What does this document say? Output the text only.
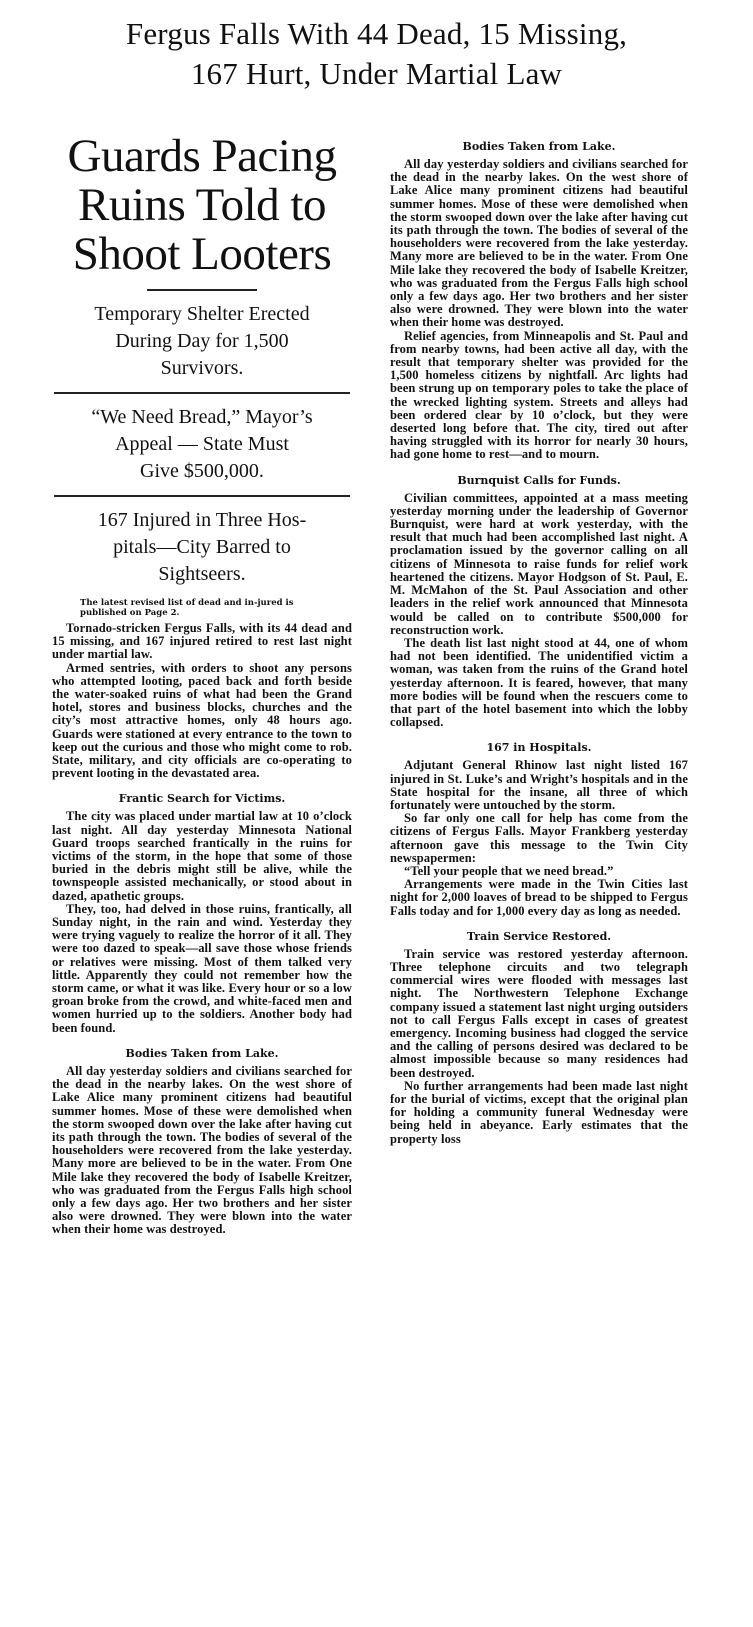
Fergus Falls With 44 Dead, 15 Missing,
167 Hurt, Under Martial Law
Guards Pacing
Ruins Told to
Shoot Looters
Temporary Shelter Erected
During Day for 1,500
Survivors.
“We Need Bread,” Mayor’s
Appeal — State Must
Give $500,000.
167 Injured in Three Hos-
pitals—City Barred to
Sightseers.

The latest revised list of dead and in-jured is published on Page 2.

Tornado-stricken Fergus Falls, with its 44 dead and 15 missing, and 167 injured retired to rest last night under martial law.

Armed sentries, with orders to shoot any persons who attempted looting, paced back and forth beside the water-soaked ruins of what had been the Grand hotel, stores and business blocks, churches and the city’s most attractive homes, only 48 hours ago. Guards were stationed at every entrance to the town to keep out the curious and those who might come to rob. State, military, and city officials are co-operating to prevent looting in the devastated area.

Frantic Search for Victims.

The city was placed under martial law at 10 o’clock last night. All day yesterday Minnesota National Guard troops searched frantically in the ruins for victims of the storm, in the hope that some of those buried in the debris might still be alive, while the townspeople assisted mechanically, or stood about in dazed, apathetic groups.

They, too, had delved in those ruins, frantically, all Sunday night, in the rain and wind. Yesterday they were trying vaguely to realize the horror of it all. They were too dazed to speak—all save those whose friends or relatives were missing. Most of them talked very little. Apparently they could not remember how the storm came, or what it was like. Every hour or so a low groan broke from the crowd, and white-faced men and women hurried up to the soldiers. Another body had been found.

Bodies Taken from Lake.

All day yesterday soldiers and civilians searched for the dead in the nearby lakes. On the west shore of Lake Alice many prominent citizens had beautiful summer homes. Mose of these were demolished when the storm swooped down over the lake after having cut its path through the town. The bodies of several of the householders were recovered from the lake yesterday. Many more are believed to be in the water. From One Mile lake they recovered the body of Isabelle Kreitzer, who was graduated from the Fergus Falls high school only a few days ago. Her two brothers and her sister also were drowned. They were blown into the water when their home was destroyed.

Bodies Taken from Lake.

All day yesterday soldiers and civilians searched for the dead in the nearby lakes. On the west shore of Lake Alice many prominent citizens had beautiful summer homes. Mose of these were demolished when the storm swooped down over the lake after having cut its path through the town. The bodies of several of the householders were recovered from the lake yesterday. Many more are believed to be in the water. From One Mile lake they recovered the body of Isabelle Kreitzer, who was graduated from the Fergus Falls high school only a few days ago. Her two brothers and her sister also were drowned. They were blown into the water when their home was destroyed.

Relief agencies, from Minneapolis and St. Paul and from nearby towns, had been active all day, with the result that temporary shelter was provided for the 1,500 homeless citizens by nightfall. Arc lights had been strung up on temporary poles to take the place of the wrecked lighting system. Streets and alleys had been ordered clear by 10 o’clock, but they were deserted long before that. The city, tired out after having struggled with its horror for nearly 30 hours, had gone home to rest—and to mourn.

Burnquist Calls for Funds.

Civilian committees, appointed at a mass meeting yesterday morning under the leadership of Governor Burnquist, were hard at work yesterday, with the result that much had been accomplished last night. A proclamation issued by the governor calling on all citizens of Minnesota to raise funds for relief work heartened the citizens. Mayor Hodgson of St. Paul, E. M. McMahon of the St. Paul Association and other leaders in the relief work announced that Minnesota would be called on to contribute $500,000 for reconstruction work.

The death list last night stood at 44, one of whom had not been identified. The unidentified victim a woman, was taken from the ruins of the Grand hotel yesterday afternoon. It is feared, however, that many more bodies will be found when the rescuers come to that part of the hotel basement into which the lobby collapsed.

167 in Hospitals.

Adjutant General Rhinow last night listed 167 injured in St. Luke’s and Wright’s hospitals and in the State hospital for the insane, all three of which fortunately were untouched by the storm.

So far only one call for help has come from the citizens of Fergus Falls. Mayor Frankberg yesterday afternoon gave this message to the Twin City newspapermen:

“Tell your people that we need bread.”

Arrangements were made in the Twin Cities last night for 2,000 loaves of bread to be shipped to Fergus Falls today and for 1,000 every day as long as needed.

Train Service Restored.

Train service was restored yesterday afternoon. Three telephone circuits and two telegraph commercial wires were flooded with messages last night. The Northwestern Telephone Exchange company issued a statement last night urging outsiders not to call Fergus Falls except in cases of greatest emergency. Incoming business had clogged the service and the calling of persons desired was declared to be almost impossible because so many residences had been destroyed.

No further arrangements had been made last night for the burial of victims, except that the original plan for holding a community funeral Wednesday were being held in abeyance. Early estimates that the property loss
